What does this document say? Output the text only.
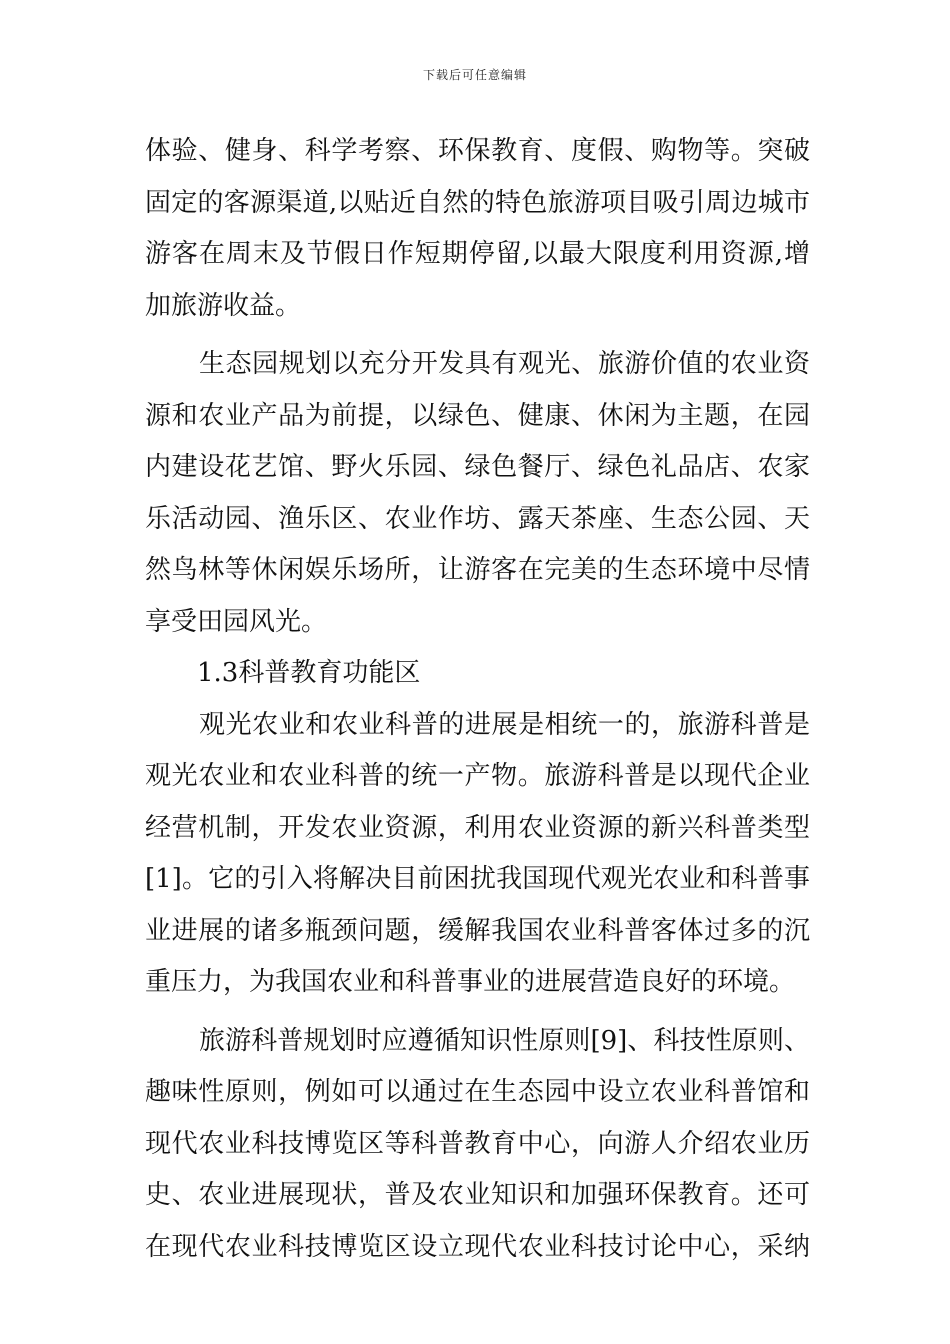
下载后可任意编辑
体验、健身、科学考察、环保教育、度假、购物等。突破
固定的客源渠道,以贴近自然的特色旅游项目吸引周边城市
游客在周末及节假日作短期停留,以最大限度利用资源,增
加旅游收益。
生态园规划以充分开发具有观光、旅游价值的农业资
源和农业产品为前提，以绿色、健康、休闲为主题，在园
内建设花艺馆、野火乐园、绿色餐厅、绿色礼品店、农家
乐活动园、渔乐区、农业作坊、露天茶座、生态公园、天
然鸟林等休闲娱乐场所，让游客在完美的生态环境中尽情
享受田园风光。
1.3科普教育功能区
观光农业和农业科普的进展是相统一的，旅游科普是
观光农业和农业科普的统一产物。旅游科普是以现代企业
经营机制，开发农业资源，利用农业资源的新兴科普类型
[1]。它的引入将解决目前困扰我国现代观光农业和科普事
业进展的诸多瓶颈问题，缓解我国农业科普客体过多的沉
重压力，为我国农业和科普事业的进展营造良好的环境。
旅游科普规划时应遵循知识性原则[9]、科技性原则、
趣味性原则，例如可以通过在生态园中设立农业科普馆和
现代农业科技博览区等科普教育中心，向游人介绍农业历
史、农业进展现状，普及农业知识和加强环保教育。还可
在现代农业科技博览区设立现代农业科技讨论中心，采纳
